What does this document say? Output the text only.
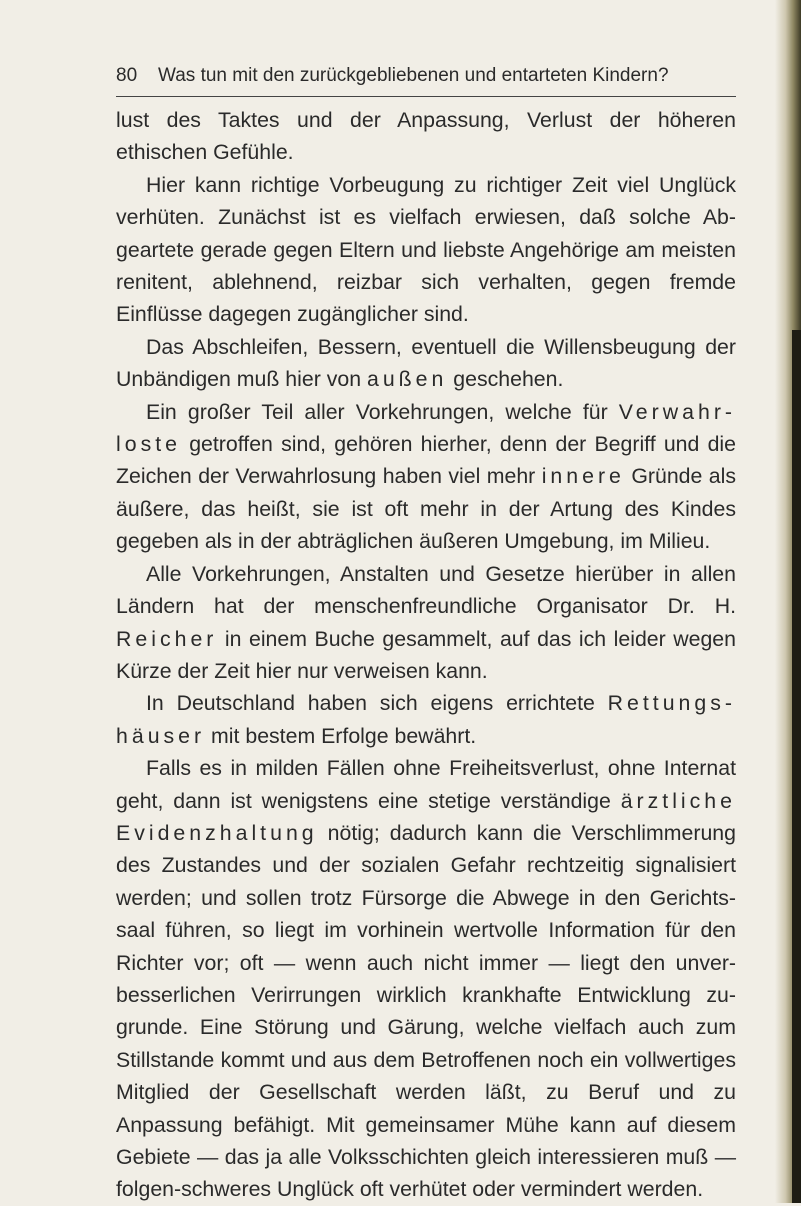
80 Was tun mit den zurückgebliebenen und entarteten Kindern?

lust des Taktes und der Anpassung, Verlust der höheren ethischen Gefühle.

Hier kann richtige Vorbeugung zu richtiger Zeit viel Unglück verhüten. Zunächst ist es vielfach erwiesen, daß solche Ab-geartete gerade gegen Eltern und liebste Angehörige am meisten renitent, ablehnend, reizbar sich verhalten, gegen fremde Einflüsse dagegen zugänglicher sind.

Das Abschleifen, Bessern, eventuell die Willensbeugung der Unbändigen muß hier von außen geschehen.

Ein großer Teil aller Vorkehrungen, welche für Verwahr-loste getroffen sind, gehören hierher, denn der Begriff und die Zeichen der Verwahrlosung haben viel mehr innere Gründe als äußere, das heißt, sie ist oft mehr in der Artung des Kindes gegeben als in der abträglichen äußeren Umgebung, im Milieu.

Alle Vorkehrungen, Anstalten und Gesetze hierüber in allen Ländern hat der menschenfreundliche Organisator Dr. H. Reicher in einem Buche gesammelt, auf das ich leider wegen Kürze der Zeit hier nur verweisen kann.

In Deutschland haben sich eigens errichtete Rettungs-häuser mit bestem Erfolge bewährt.

Falls es in milden Fällen ohne Freiheitsverlust, ohne Internat geht, dann ist wenigstens eine stetige verständige ärztliche Evidenzhaltung nötig; dadurch kann die Verschlimmerung des Zustandes und der sozialen Gefahr rechtzeitig signalisiert werden; und sollen trotz Fürsorge die Abwege in den Gerichts-saal führen, so liegt im vorhinein wertvolle Information für den Richter vor; oft — wenn auch nicht immer — liegt den unver-besserlichen Verirrungen wirklich krankhafte Entwicklung zu-grunde. Eine Störung und Gärung, welche vielfach auch zum Stillstande kommt und aus dem Betroffenen noch ein vollwertiges Mitglied der Gesellschaft werden läßt, zu Beruf und zu Anpassung befähigt. Mit gemeinsamer Mühe kann auf diesem Gebiete — das ja alle Volksschichten gleich interessieren muß — folgen-schweres Unglück oft verhütet oder vermindert werden.
